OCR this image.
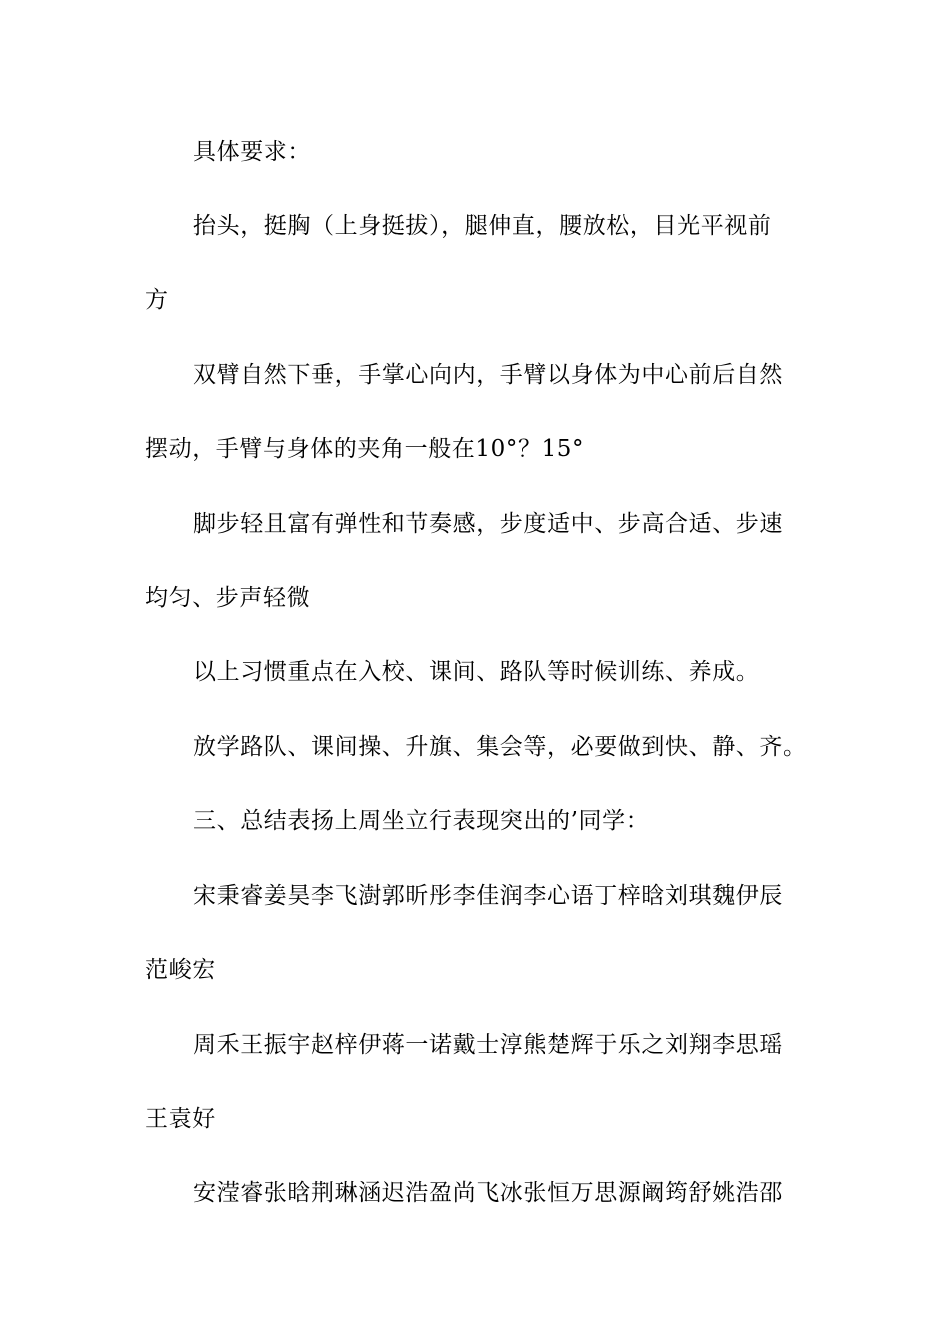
具体要求：
抬头，挺胸（上身挺拔），腿伸直，腰放松，目光平视前
方
双臂自然下垂，手掌心向内，手臂以身体为中心前后自然
摆动，手臂与身体的夹角一般在10°？15°
脚步轻且富有弹性和节奏感，步度适中、步高合适、步速
均匀、步声轻微
以上习惯重点在入校、课间、路队等时候训练、养成。
放学路队、课间操、升旗、集会等，必要做到快、静、齐。
三、总结表扬上周坐立行表现突出的’同学：
宋秉睿姜昊李飞澍郭昕彤李佳润李心语丁梓晗刘琪魏伊辰
范峻宏
周禾王振宇赵梓伊蒋一诺戴士淳熊楚辉于乐之刘翔李思瑶
王袁好
安滢睿张晗荆琳涵迟浩盈尚飞冰张恒万思源阚筠舒姚浩邵
